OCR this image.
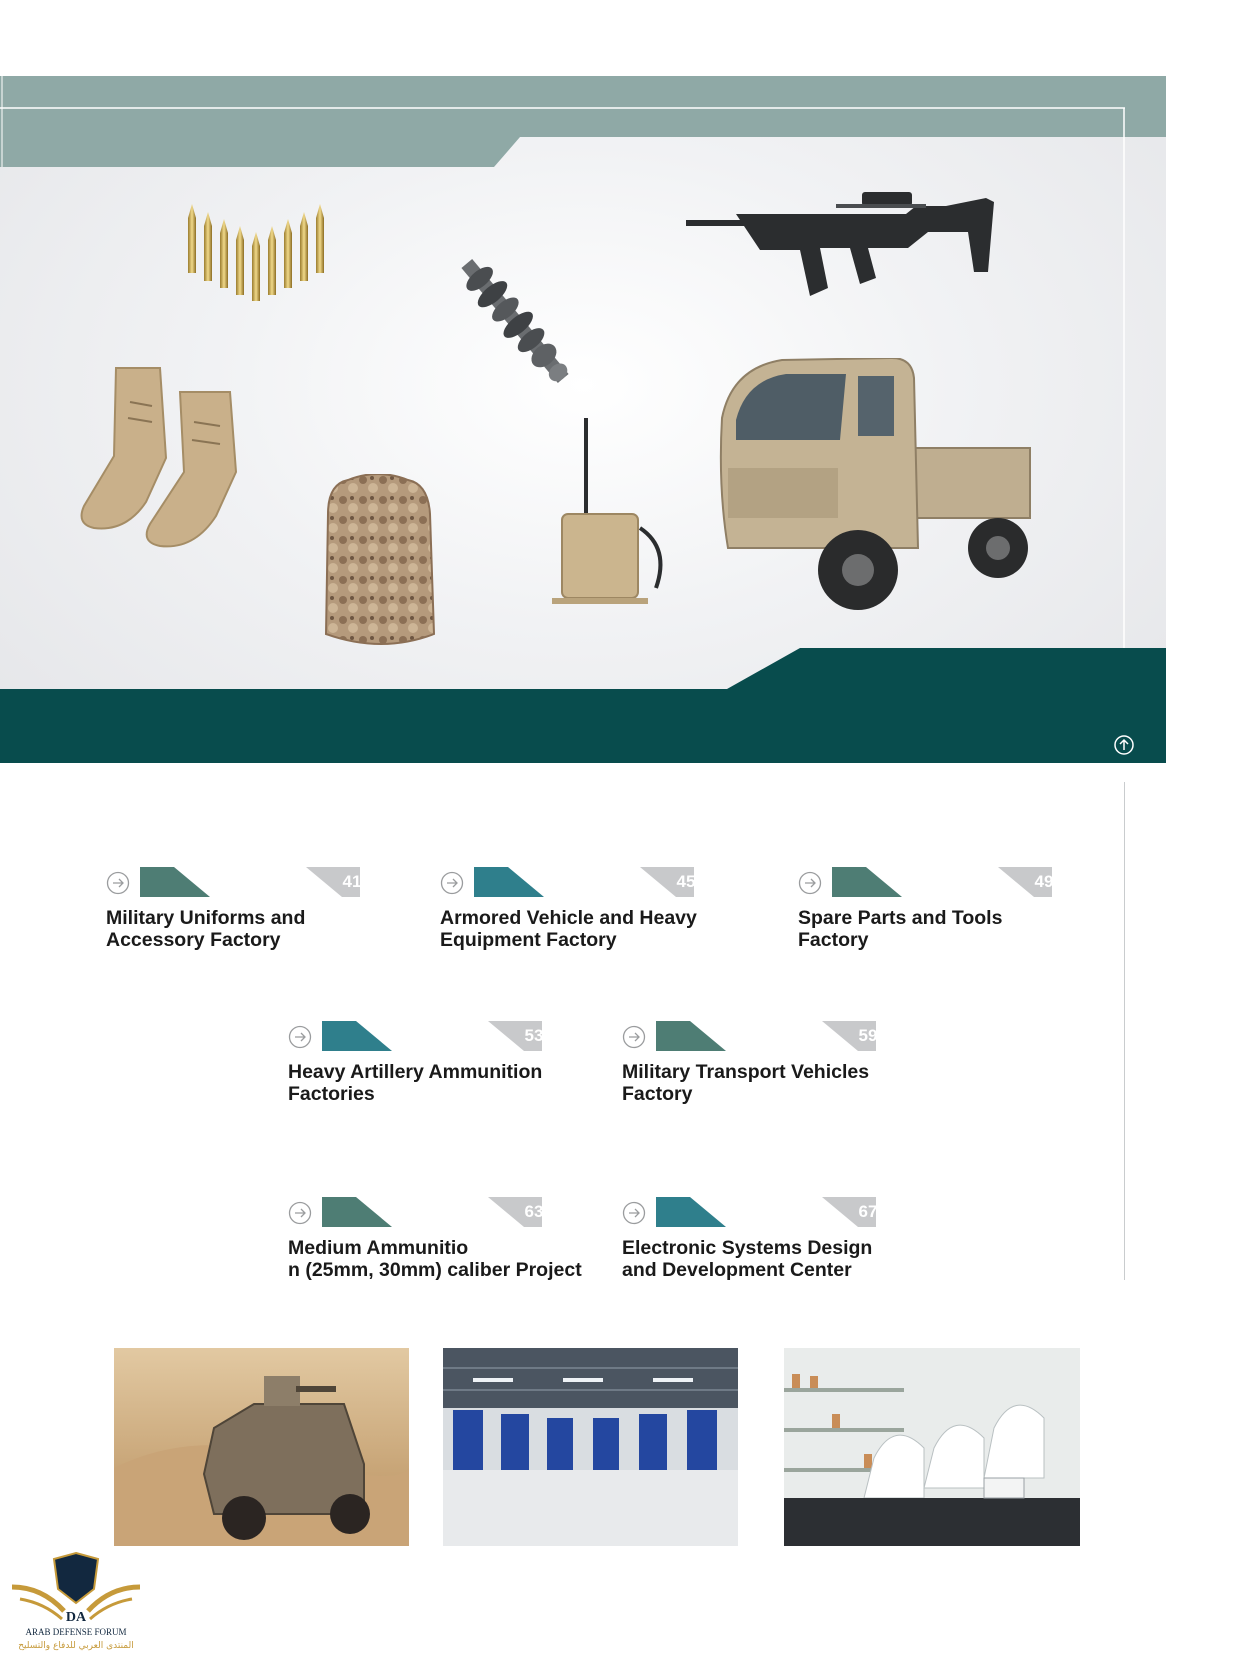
41
Military Uniforms and
Accessory Factory
45
Armored Vehicle and Heavy
Equipment Factory
49
Spare Parts and Tools
Factory
53
Heavy Artillery Ammunition
Factories
59
Military Transport Vehicles
Factory
63
Medium Ammunitio
n (25mm, 30mm) caliber Project
67
Electronic Systems Design
and Development Center
DA
ARAB DEFENSE FORUM
المنتدى العربي للدفاع والتسليح
